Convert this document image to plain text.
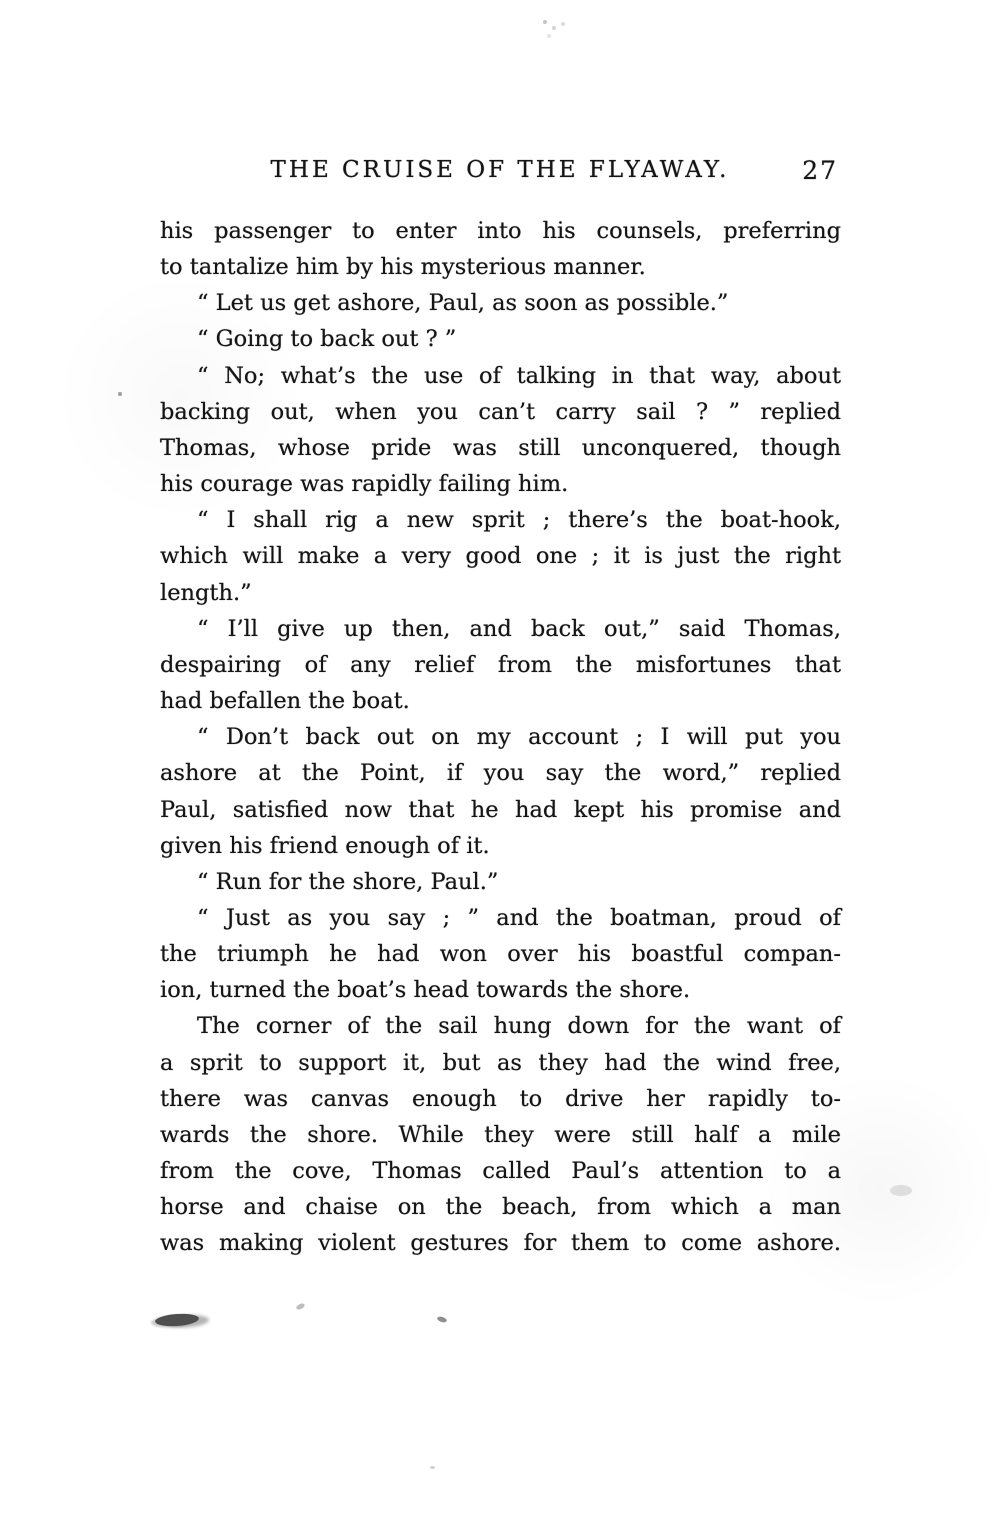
THE CRUISE OF THE FLYAWAY.	27
his passenger to enter into his counsels, preferring
to tantalize him by his mysterious manner.
“ Let us get ashore, Paul, as soon as possible.”
“ Going to back out ? ”
“ No; what’s the use of talking in that way, about
backing out, when you can’t carry sail ? ” replied
Thomas, whose pride was still unconquered, though
his courage was rapidly failing him.
“ I shall rig a new sprit ; there’s the boat-hook,
which will make a very good one ; it is just the right
length.”
“ I’ll give up then, and back out,” said Thomas,
despairing of any relief from the misfortunes that
had befallen the boat.
“ Don’t back out on my account ; I will put you
ashore at the Point, if you say the word,” replied
Paul, satisfied now that he had kept his promise and
given his friend enough of it.
“ Run for the shore, Paul.”
“ Just as you say ; ” and the boatman, proud of
the triumph he had won over his boastful compan-
ion, turned the boat’s head towards the shore.
The corner of the sail hung down for the want of
a sprit to support it, but as they had the wind free,
there was canvas enough to drive her rapidly to-
wards the shore. While they were still half a mile
from the cove, Thomas called Paul’s attention to a
horse and chaise on the beach, from which a man
was making violent gestures for them to come ashore.
